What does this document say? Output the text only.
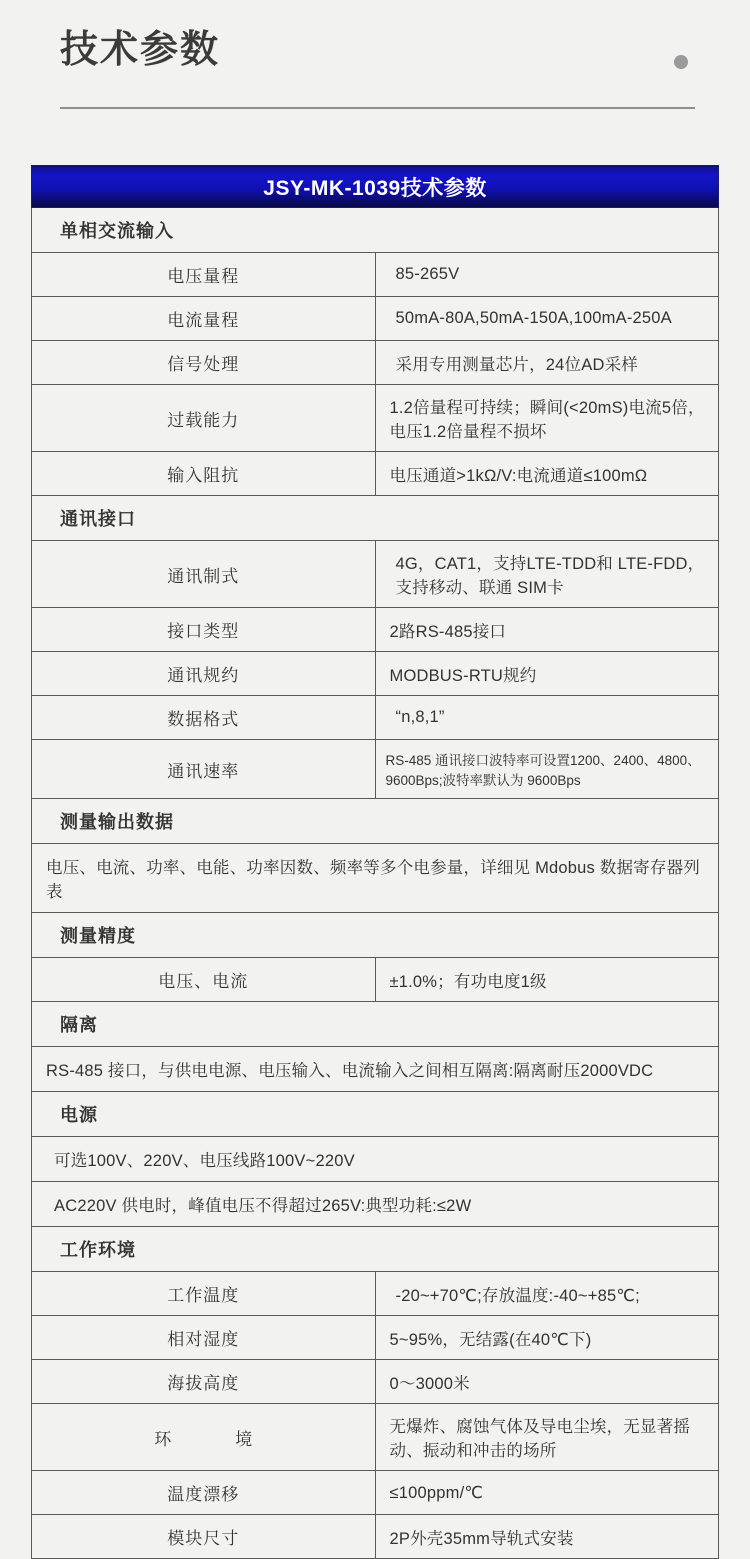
技术参数
JSY-MK-1039技术参数	
单相交流输入	
电压量程	85-265V
电流量程	50mA-80A,50mA-150A,100mA-250A
信号处理	采用专用测量芯片，24位AD采样
过载能力	1.2倍量程可持续；瞬间(<20mS)电流5倍，电压1.2倍量程不损坏
输入阻抗	电压通道>1kΩ/V:电流通道≤100mΩ
通讯接口	
通讯制式	4G，CAT1，支持LTE-TDD和 LTE-FDD，支持移动、联通 SIM卡
接口类型	2路RS-485接口
通讯规约	MODBUS-RTU规约
数据格式	“n,8,1”
通讯速率	RS-485 通讯接口波特率可设置1200、2400、4800、9600Bps;波特率默认为 9600Bps
测量输出数据	
电压、电流、功率、电能、功率因数、频率等多个电参量，详细见 Mdobus 数据寄存器列表	
测量精度	
电压、电流	±1.0%；有功电度1级
隔离	
RS-485 接口，与供电电源、电压输入、电流输入之间相互隔离:隔离耐压2000VDC	
电源	
可选100V、220V、电压线路100V~220V	
AC220V 供电时，峰值电压不得超过265V:典型功耗:≤2W	
工作环境	
工作温度	-20~+70℃;存放温度:-40~+85℃;
相对湿度	5~95%，无结露(在40℃下)
海拔高度	0～3000米
环　　境	无爆炸、腐蚀气体及导电尘埃，无显著摇动、振动和冲击的场所
温度漂移	≤100ppm/℃
模块尺寸	2P外壳35mm导轨式安装
